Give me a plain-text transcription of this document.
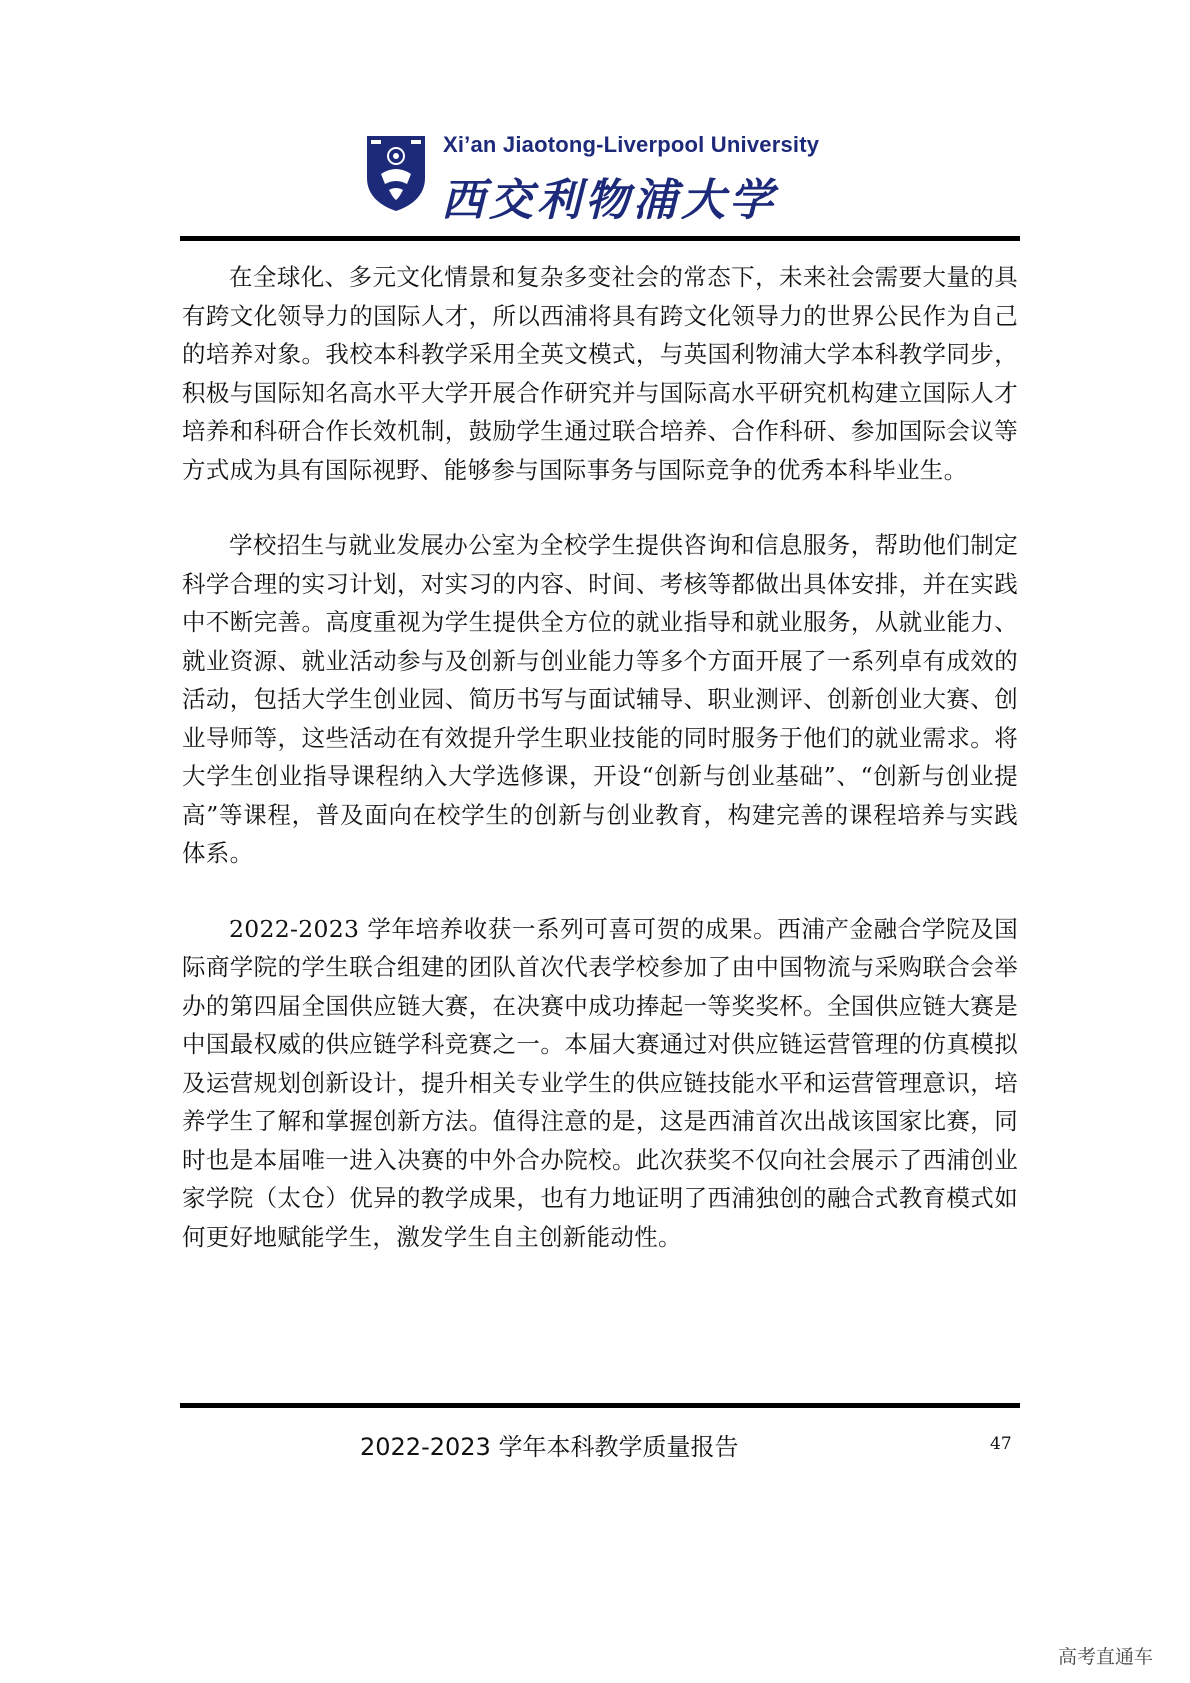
Xi’an Jiaotong-Liverpool University
西交利物浦大学

在全球化、多元文化情景和复杂多变社会的常态下，未来社会需要大量的具有跨文化领导力的国际人才，所以西浦将具有跨文化领导力的世界公民作为自己的培养对象。我校本科教学采用全英文模式，与英国利物浦大学本科教学同步，积极与国际知名高水平大学开展合作研究并与国际高水平研究机构建立国际人才培养和科研合作长效机制，鼓励学生通过联合培养、合作科研、参加国际会议等方式成为具有国际视野、能够参与国际事务与国际竞争的优秀本科毕业生。

学校招生与就业发展办公室为全校学生提供咨询和信息服务，帮助他们制定科学合理的实习计划，对实习的内容、时间、考核等都做出具体安排，并在实践中不断完善。高度重视为学生提供全方位的就业指导和就业服务，从就业能力、就业资源、就业活动参与及创新与创业能力等多个方面开展了一系列卓有成效的活动，包括大学生创业园、简历书写与面试辅导、职业测评、创新创业大赛、创业导师等，这些活动在有效提升学生职业技能的同时服务于他们的就业需求。将大学生创业指导课程纳入大学选修课，开设“创新与创业基础”、“创新与创业提高”等课程，普及面向在校学生的创新与创业教育，构建完善的课程培养与实践体系。

2022-2023 学年培养收获一系列可喜可贺的成果。西浦产金融合学院及国际商学院的学生联合组建的团队首次代表学校参加了由中国物流与采购联合会举办的第四届全国供应链大赛，在决赛中成功捧起一等奖奖杯。全国供应链大赛是中国最权威的供应链学科竞赛之一。本届大赛通过对供应链运营管理的仿真模拟及运营规划创新设计，提升相关专业学生的供应链技能水平和运营管理意识，培养学生了解和掌握创新方法。值得注意的是，这是西浦首次出战该国家比赛，同时也是本届唯一进入决赛的中外合办院校。此次获奖不仅向社会展示了西浦创业家学院（太仓）优异的教学成果，也有力地证明了西浦独创的融合式教育模式如何更好地赋能学生，激发学生自主创新能动性。

2022-2023 学年本科教学质量报告	47
高考直通车
